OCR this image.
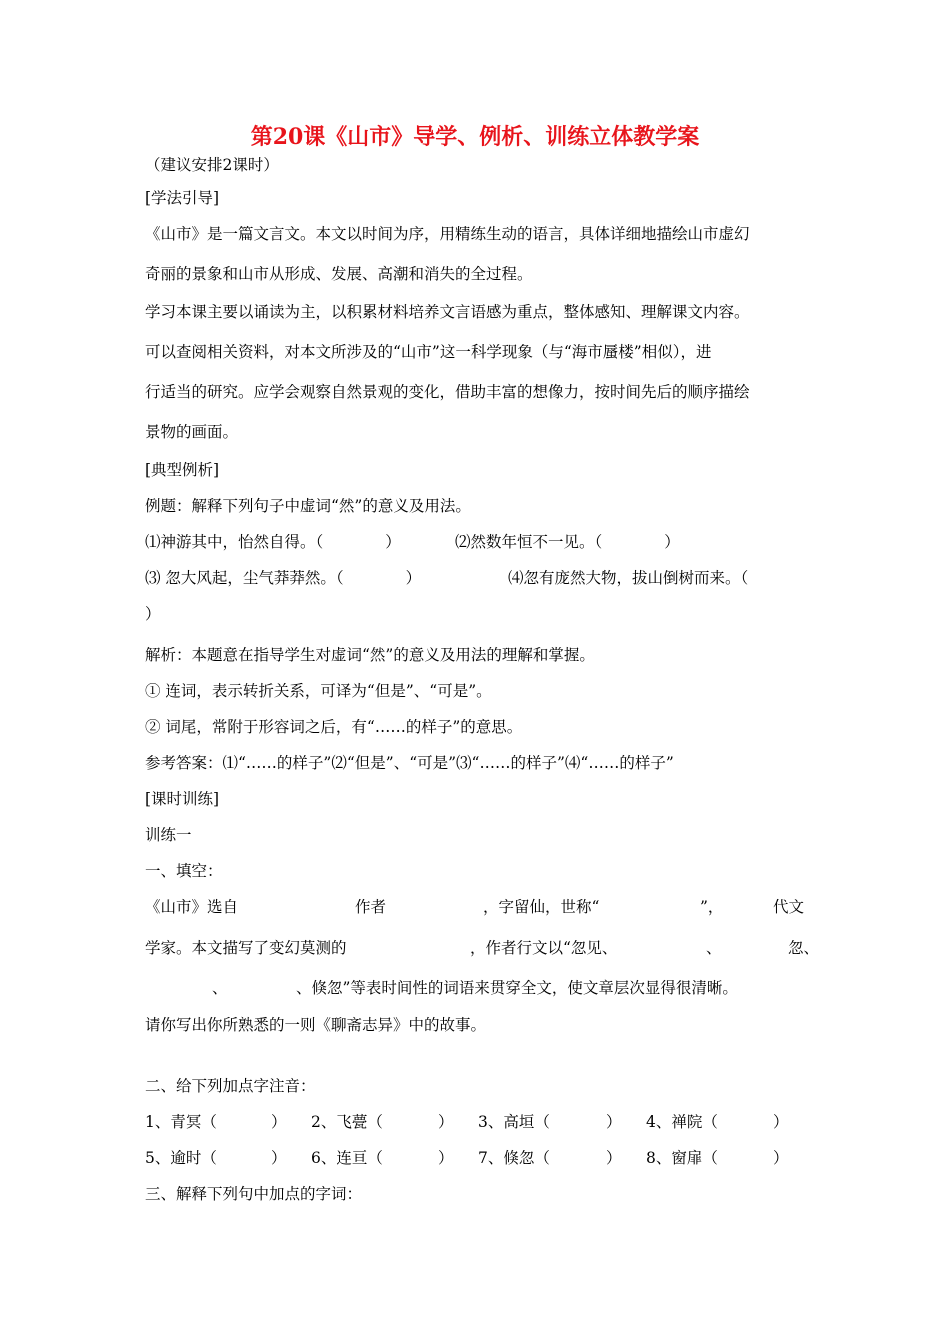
第20课《山市》导学、例析、训练立体教学案
（建议安排2课时）
[学法引导]
《山市》是一篇文言文。本文以时间为序，用精练生动的语言，具体详细地描绘山市虚幻
奇丽的景象和山市从形成、发展、高潮和消失的全过程。
学习本课主要以诵读为主，以积累材料培养文言语感为重点，整体感知、理解课文内容。
可以查阅相关资料，对本文所涉及的“山市”这一科学现象（与“海市蜃楼”相似），进
行适当的研究。应学会观察自然景观的变化，借助丰富的想像力，按时间先后的顺序描绘
景物的画面。
[典型例析]
例题：解释下列句子中虚词“然”的意义及用法。
⑴神游其中，怡然自得。（　　　　）	⑵然数年恒不一见。（　　　　）
⑶ 忽大风起，尘气莽莽然。（　　　　）	⑷忽有庞然大物，拔山倒树而来。（
）
解析：本题意在指导学生对虚词“然”的意义及用法的理解和掌握。
① 连词，表示转折关系，可译为“但是”、“可是”。
② 词尾，常附于形容词之后，有“……的样子”的意思。
参考答案：⑴“……的样子”⑵“但是”、“可是”⑶“……的样子”⑷“……的样子”
[课时训练]
训练一
一、填空：
《山市》选自	作者	，字留仙，世称“	”，	代文
学家。本文描写了变幻莫测的	，作者行文以“忽见、	、	忽、
、	、倏忽”等表时间性的词语来贯穿全文，使文章层次显得很清晰。
请你写出你所熟悉的一则《聊斋志异》中的故事。
二、给下列加点字注音：
1、青冥（	） 2、飞甍（	） 3、高垣（	） 4、禅院（	）
5、逾时（	） 6、连亘（	） 7、倏忽（	） 8、窗扉（	）
三、解释下列句中加点的字词：
